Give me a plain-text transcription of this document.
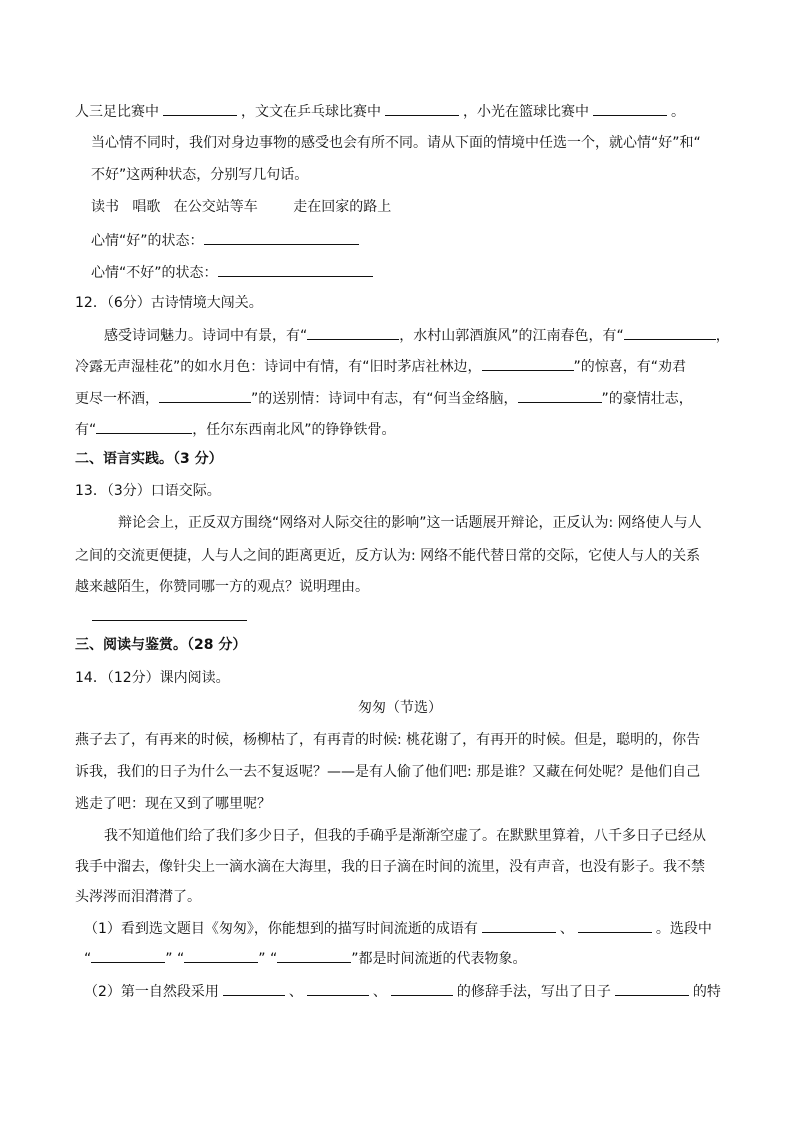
人三足比赛中	，文文在乒乓球比赛中	，小光在篮球比赛中	。
当心情不同时，我们对身边事物的感受也会有所不同。请从下面的情境中任选一个，就心情“好”和“
不好”这两种状态，分别写几句话。
读书   唱歌   在公交站等车        走在回家的路上
心情“好”的状态：
心情“不好”的状态：
12．（6分）古诗情境大闯关。
感受诗词魅力。诗词中有景，有“	，水村山郭酒旗风”的江南春色，有“	，
冷露无声湿桂花”的如水月色：诗词中有情，有“旧时茅店社林边，	”的惊喜，有“劝君
更尽一杯酒，	”的送别情：诗词中有志，有“何当金络脑，	”的豪情壮志，
有“	，任尔东西南北风”的铮铮铁骨。
二、语言实践。（3 分）
13．（3分）口语交际。
辩论会上，正反双方围绕“网络对人际交往的影响”这一话题展开辩论，正反认为: 网络使人与人
之间的交流更便捷，人与人之间的距离更近，反方认为: 网络不能代替日常的交际，它使人与人的关系
越来越陌生，你赞同哪一方的观点？说明理由。
三、阅读与鉴赏。（28 分）
14．（12分）课内阅读。
匆匆（节选）
燕子去了，有再来的时候，杨柳枯了，有再青的时候: 桃花谢了，有再开的时候。但是，聪明的，你告
诉我，我们的日子为什么一去不复返呢？——是有人偷了他们吧: 那是谁？又藏在何处呢？是他们自己
逃走了吧：现在又到了哪里呢？
我不知道他们给了我们多少日子，但我的手确乎是渐渐空虚了。在默默里算着，八千多日子已经从
我手中溜去，像针尖上一滴水滴在大海里，我的日子滴在时间的流里，没有声音，也没有影子。我不禁
头涔涔而泪潸潸了。
（1）看到选文题目《匆匆》，你能想到的描写时间流逝的成语有	、	。选段中
“	” “	” “	”都是时间流逝的代表物象。
（2）第一自然段采用	、	、	的修辞手法，写出了日子	的特
